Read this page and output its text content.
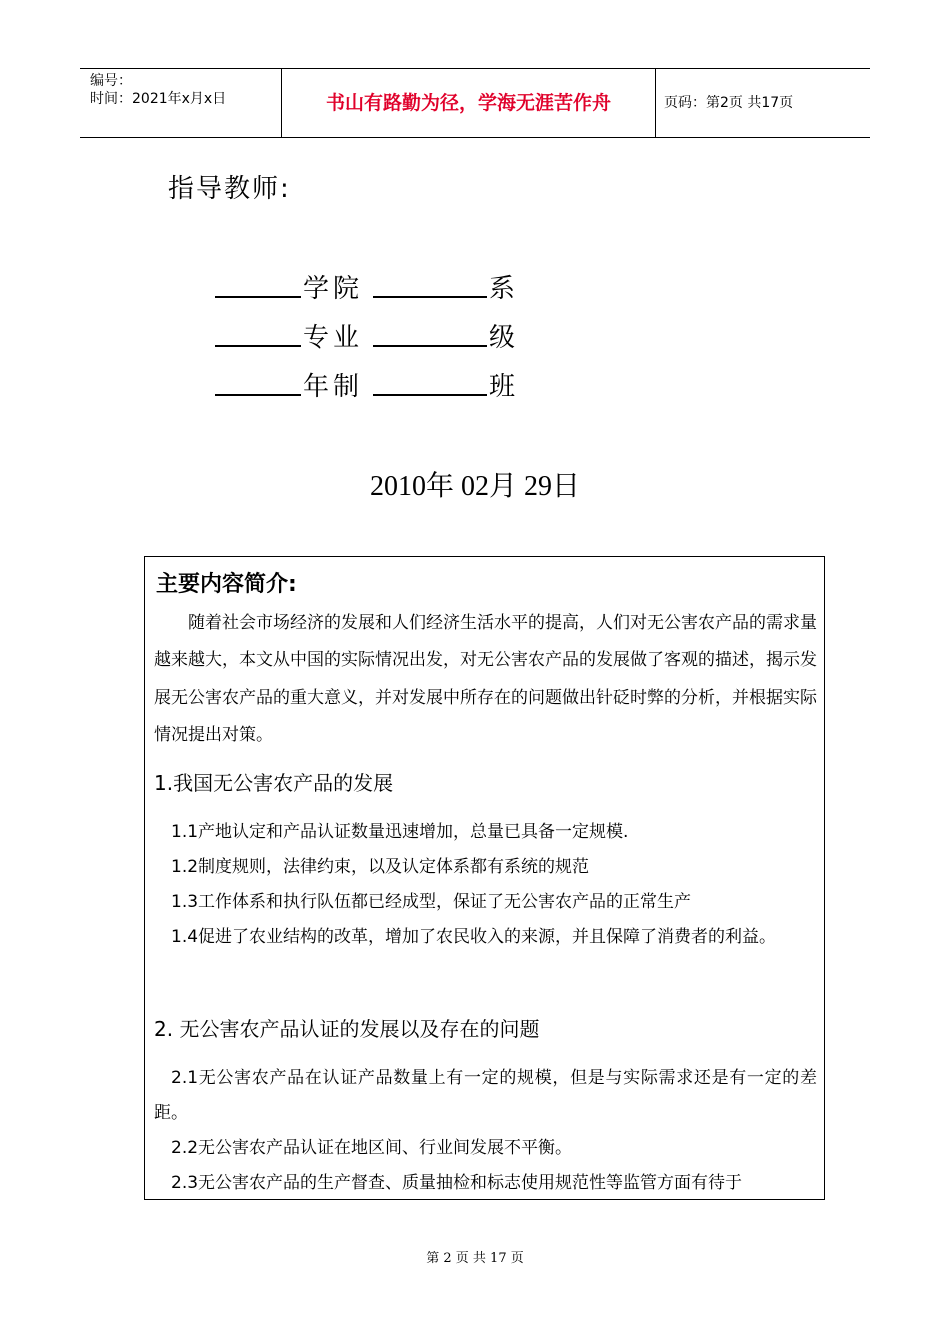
编号：
时间：2021年x月x日	书山有路勤为径，学海无涯苦作舟	页码：第2页 共17页
指导教师:
学院	系
专业	级
年制	班
2010年 02月 29日
主要内容简介:
随着社会市场经济的发展和人们经济生活水平的提高，人们对无公害农产品的需求量越来越大，本文从中国的实际情况出发，对无公害农产品的发展做了客观的描述，揭示发展无公害农产品的重大意义，并对发展中所存在的问题做出针砭时弊的分析，并根据实际情况提出对策。
1.我国无公害农产品的发展
1.1产地认定和产品认证数量迅速增加，总量已具备一定规模.
1.2制度规则，法律约束，以及认定体系都有系统的规范
1.3工作体系和执行队伍都已经成型，保证了无公害农产品的正常生产
1.4促进了农业结构的改革，增加了农民收入的来源，并且保障了消费者的利益。
2. 无公害农产品认证的发展以及存在的问题
2.1无公害农产品在认证产品数量上有一定的规模，但是与实际需求还是有一定的差距。
2.2无公害农产品认证在地区间、行业间发展不平衡。
2.3无公害农产品的生产督查、质量抽检和标志使用规范性等监管方面有待于
第 2 页 共 17 页
